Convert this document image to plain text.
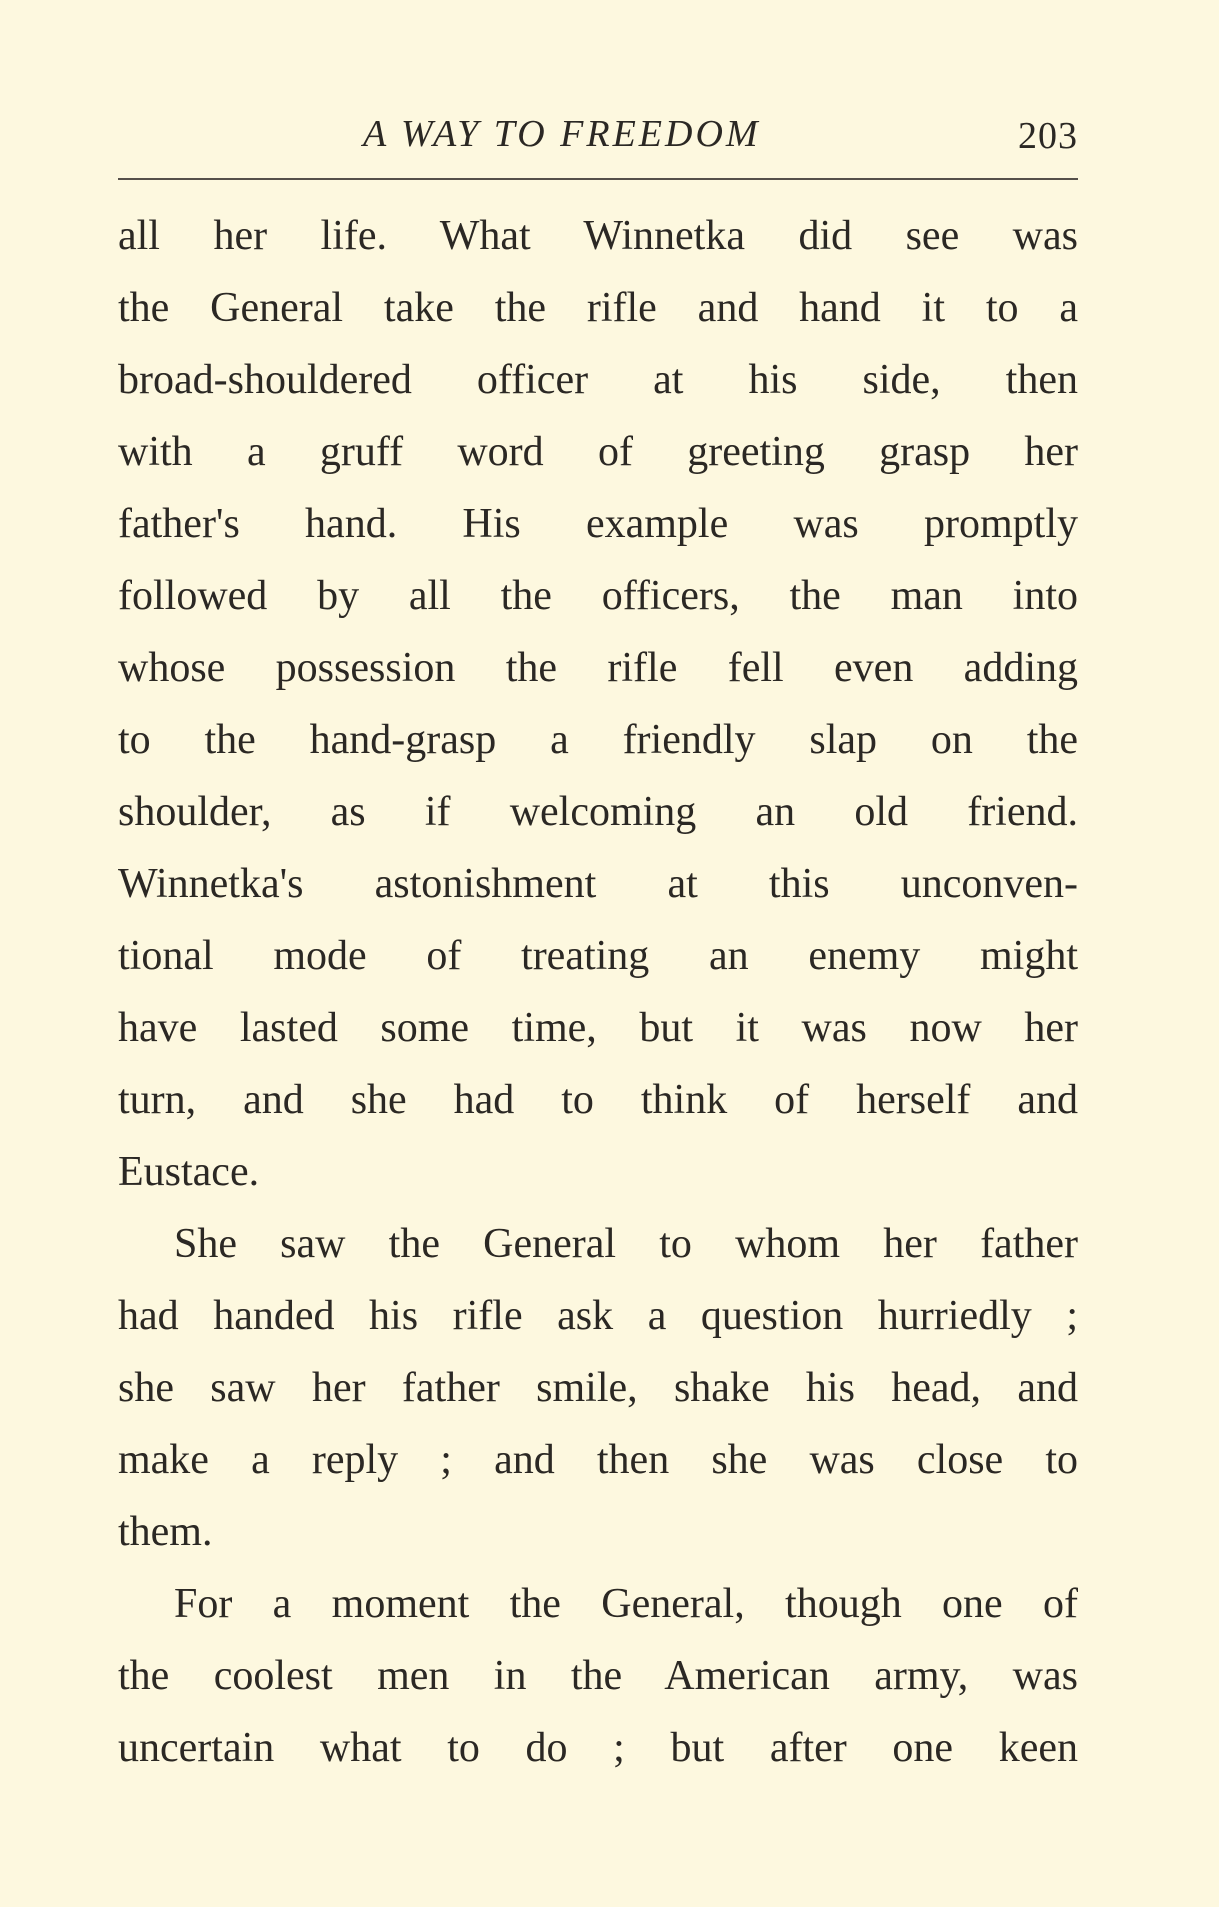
A WAY TO FREEDOM	203
all her life. What Winnetka did see was
the General take the rifle and hand it to a
broad-shouldered officer at his side, then
with a gruff word of greeting grasp her
father's hand. His example was promptly
followed by all the officers, the man into
whose possession the rifle fell even adding
to the hand-grasp a friendly slap on the
shoulder, as if welcoming an old friend.
Winnetka's astonishment at this unconven-
tional mode of treating an enemy might
have lasted some time, but it was now her
turn, and she had to think of herself and
Eustace.
She saw the General to whom her father
had handed his rifle ask a question hurriedly ;
she saw her father smile, shake his head, and
make a reply ; and then she was close to
them.
For a moment the General, though one of
the coolest men in the American army, was
uncertain what to do ; but after one keen
